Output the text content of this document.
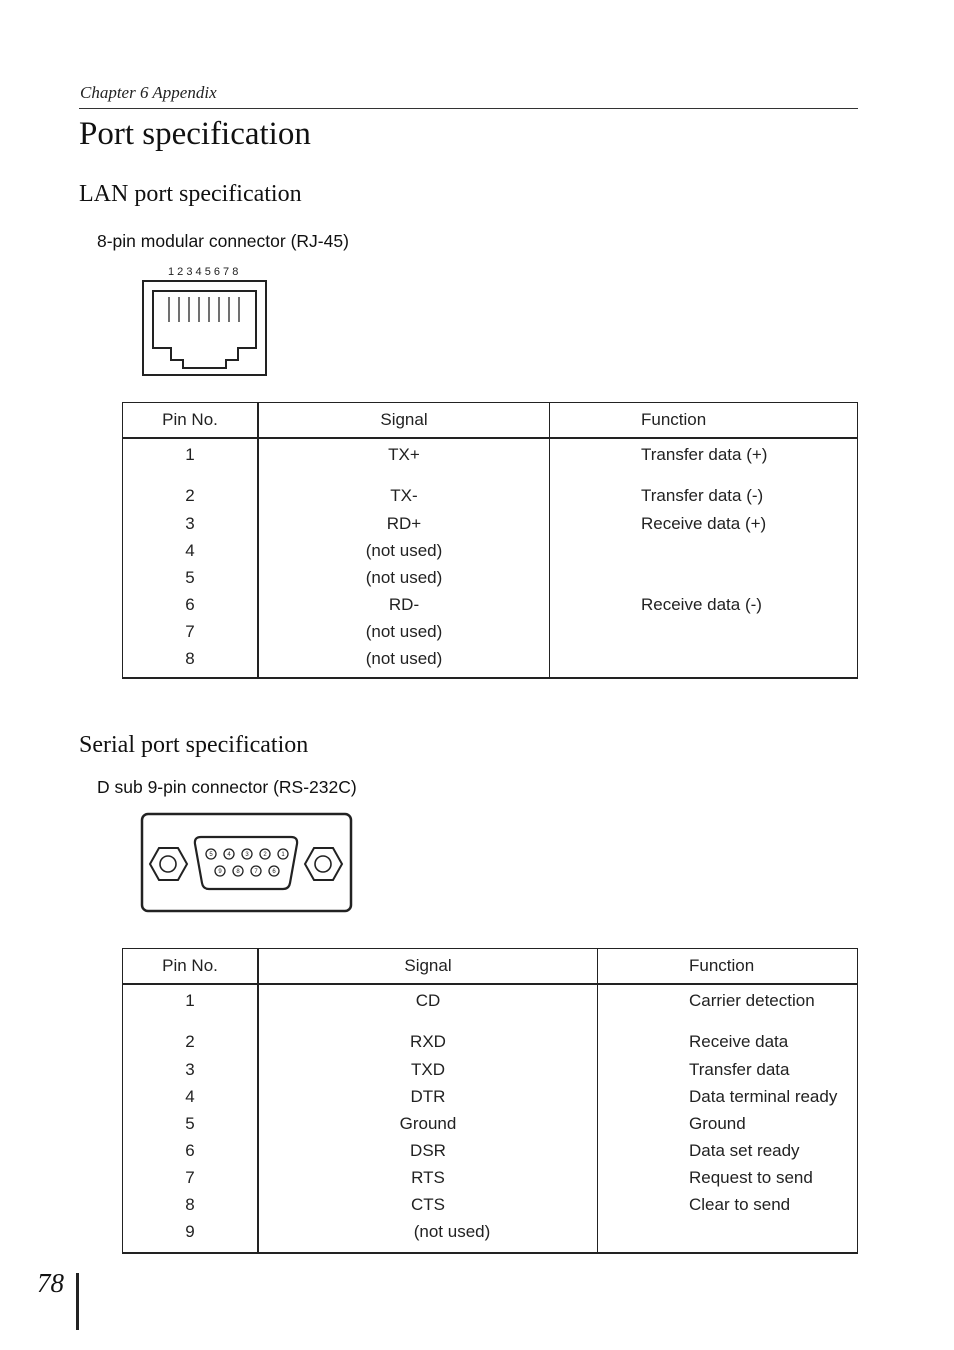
Chapter 6 Appendix
Port specification
LAN port specification
8-pin modular connector (RJ-45)
1 2 3 4 5 6 7 8
Pin No.	Signal	Function
1	TX+	Transfer data (+)
2	TX-	Transfer data (-)
3	RD+	Receive data (+)
4	(not used)	
5	(not used)	
6	RD-	Receive data (-)
7	(not used)	
8	(not used)	
Serial port specification
D sub 9-pin connector (RS-232C)
5 4 3 2 1
9 8 7 6
Pin No.	Signal	Function
1	CD	Carrier detection
2	RXD	Receive data
3	TXD	Transfer data
4	DTR	Data terminal ready
5	Ground	Ground
6	DSR	Data set ready
7	RTS	Request to send
8	CTS	Clear to send
9	(not used)	
78
